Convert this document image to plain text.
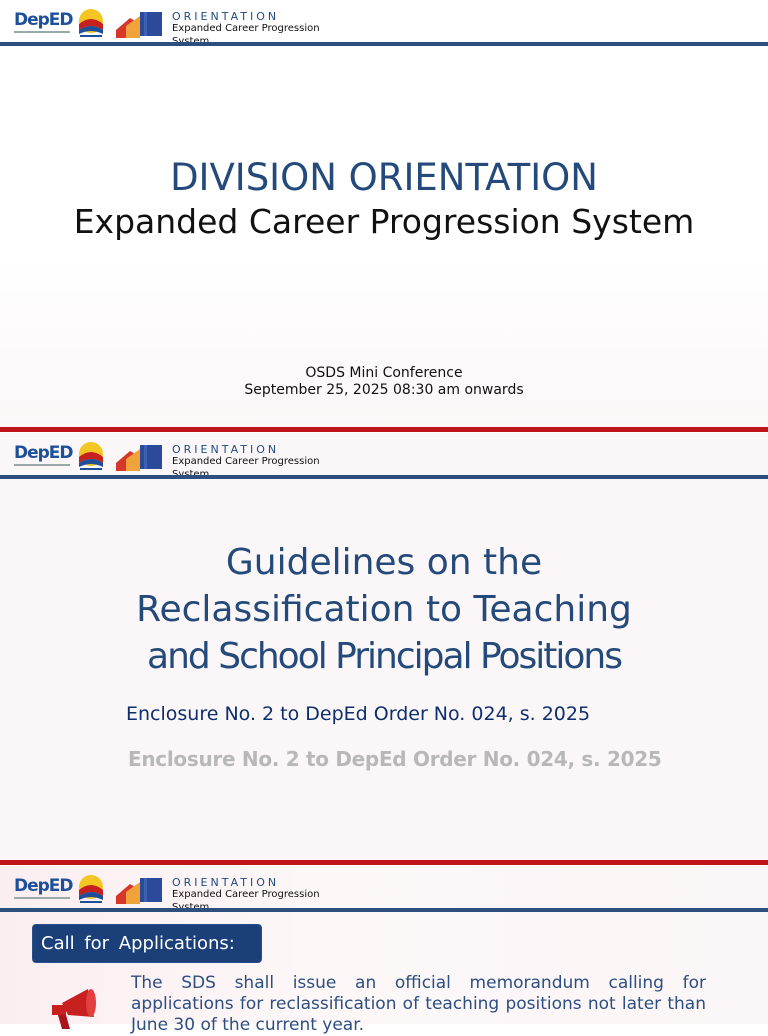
DepED	ORIENTATION
Expanded Career Progression
DIVISION ORIENTATION
Expanded Career Progression System
OSDS Mini Conference
September 25, 2025 08:30 am onwards
DepED	ORIENTATION
Expanded Career Progression
Guidelines on the
Reclassification to Teaching
and School Principal Positions
Enclosure No. 2 to DepEd Order No. 024, s. 2025
Enclosure No. 2 to DepEd Order No. 024, s. 2025
DepED	ORIENTATION
Expanded Career Progression
Call for Applications:
The SDS shall issue an official memorandum calling for applications for reclassification of teaching positions not later than June 30 of the current year.
